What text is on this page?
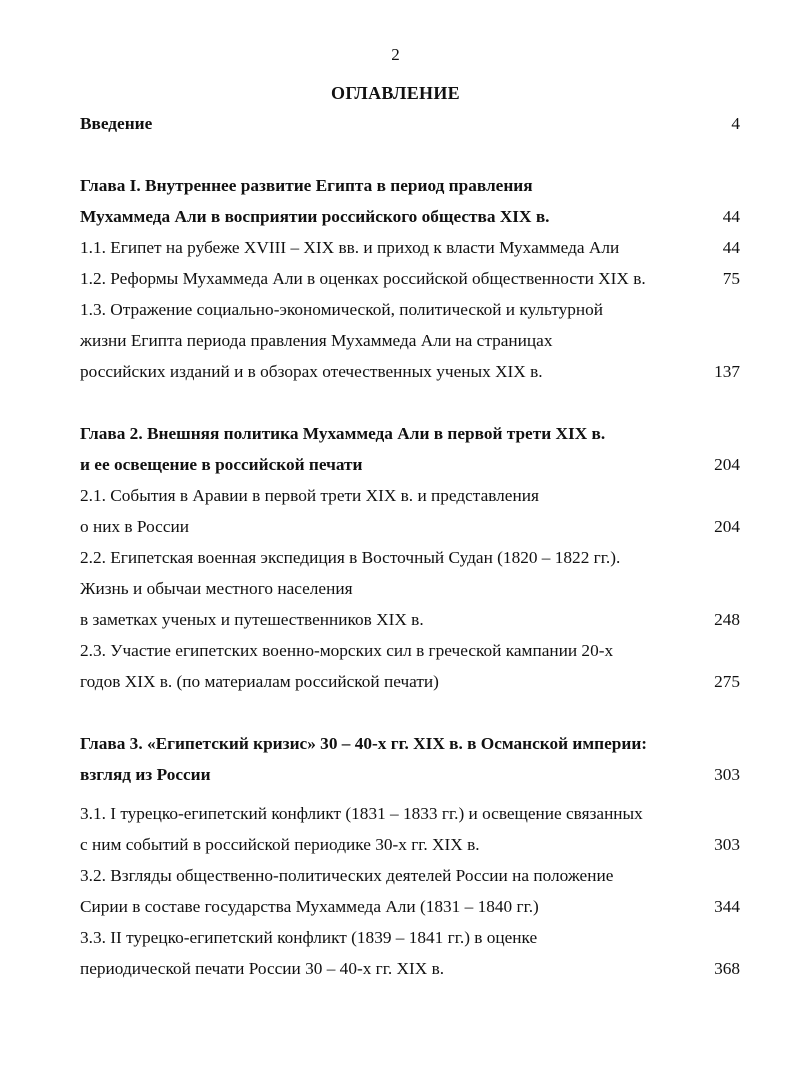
2
ОГЛАВЛЕНИЕ
Введение	4
Глава I. Внутреннее развитие Египта в период правления
Мухаммеда Али в восприятии российского общества XIX в.	44
1.1. Египет на рубеже XVIII – XIX вв. и приход к власти Мухаммеда Али	44
1.2. Реформы Мухаммеда Али в оценках российской общественности XIX в.	75
1.3. Отражение социально-экономической, политической и культурной
жизни Египта периода правления Мухаммеда Али на страницах
российских изданий и в обзорах отечественных ученых XIX в.	137
Глава 2. Внешняя политика Мухаммеда Али в первой трети XIX в.
и ее освещение в российской печати	204
2.1. События в Аравии в первой трети XIX в. и представления
о них в России	204
2.2. Египетская военная экспедиция в Восточный Судан (1820 – 1822 гг.).
Жизнь и обычаи местного населения
в заметках ученых и путешественников XIX в.	248
2.3. Участие египетских военно-морских сил в греческой кампании 20-х
годов XIX в. (по материалам российской печати)	275
Глава 3. «Египетский кризис» 30 – 40-х гг. XIX в. в Османской империи:
взгляд из России	303
3.1. I турецко-египетский конфликт (1831 – 1833 гг.) и освещение связанных
с ним событий в российской периодике 30-х гг. XIX в.	303
3.2. Взгляды общественно-политических деятелей России на положение
Сирии в составе государства Мухаммеда Али (1831 – 1840 гг.)	344
3.3. II турецко-египетский конфликт (1839 – 1841 гг.) в оценке
периодической печати России 30 – 40-х гг. XIX в.	368
